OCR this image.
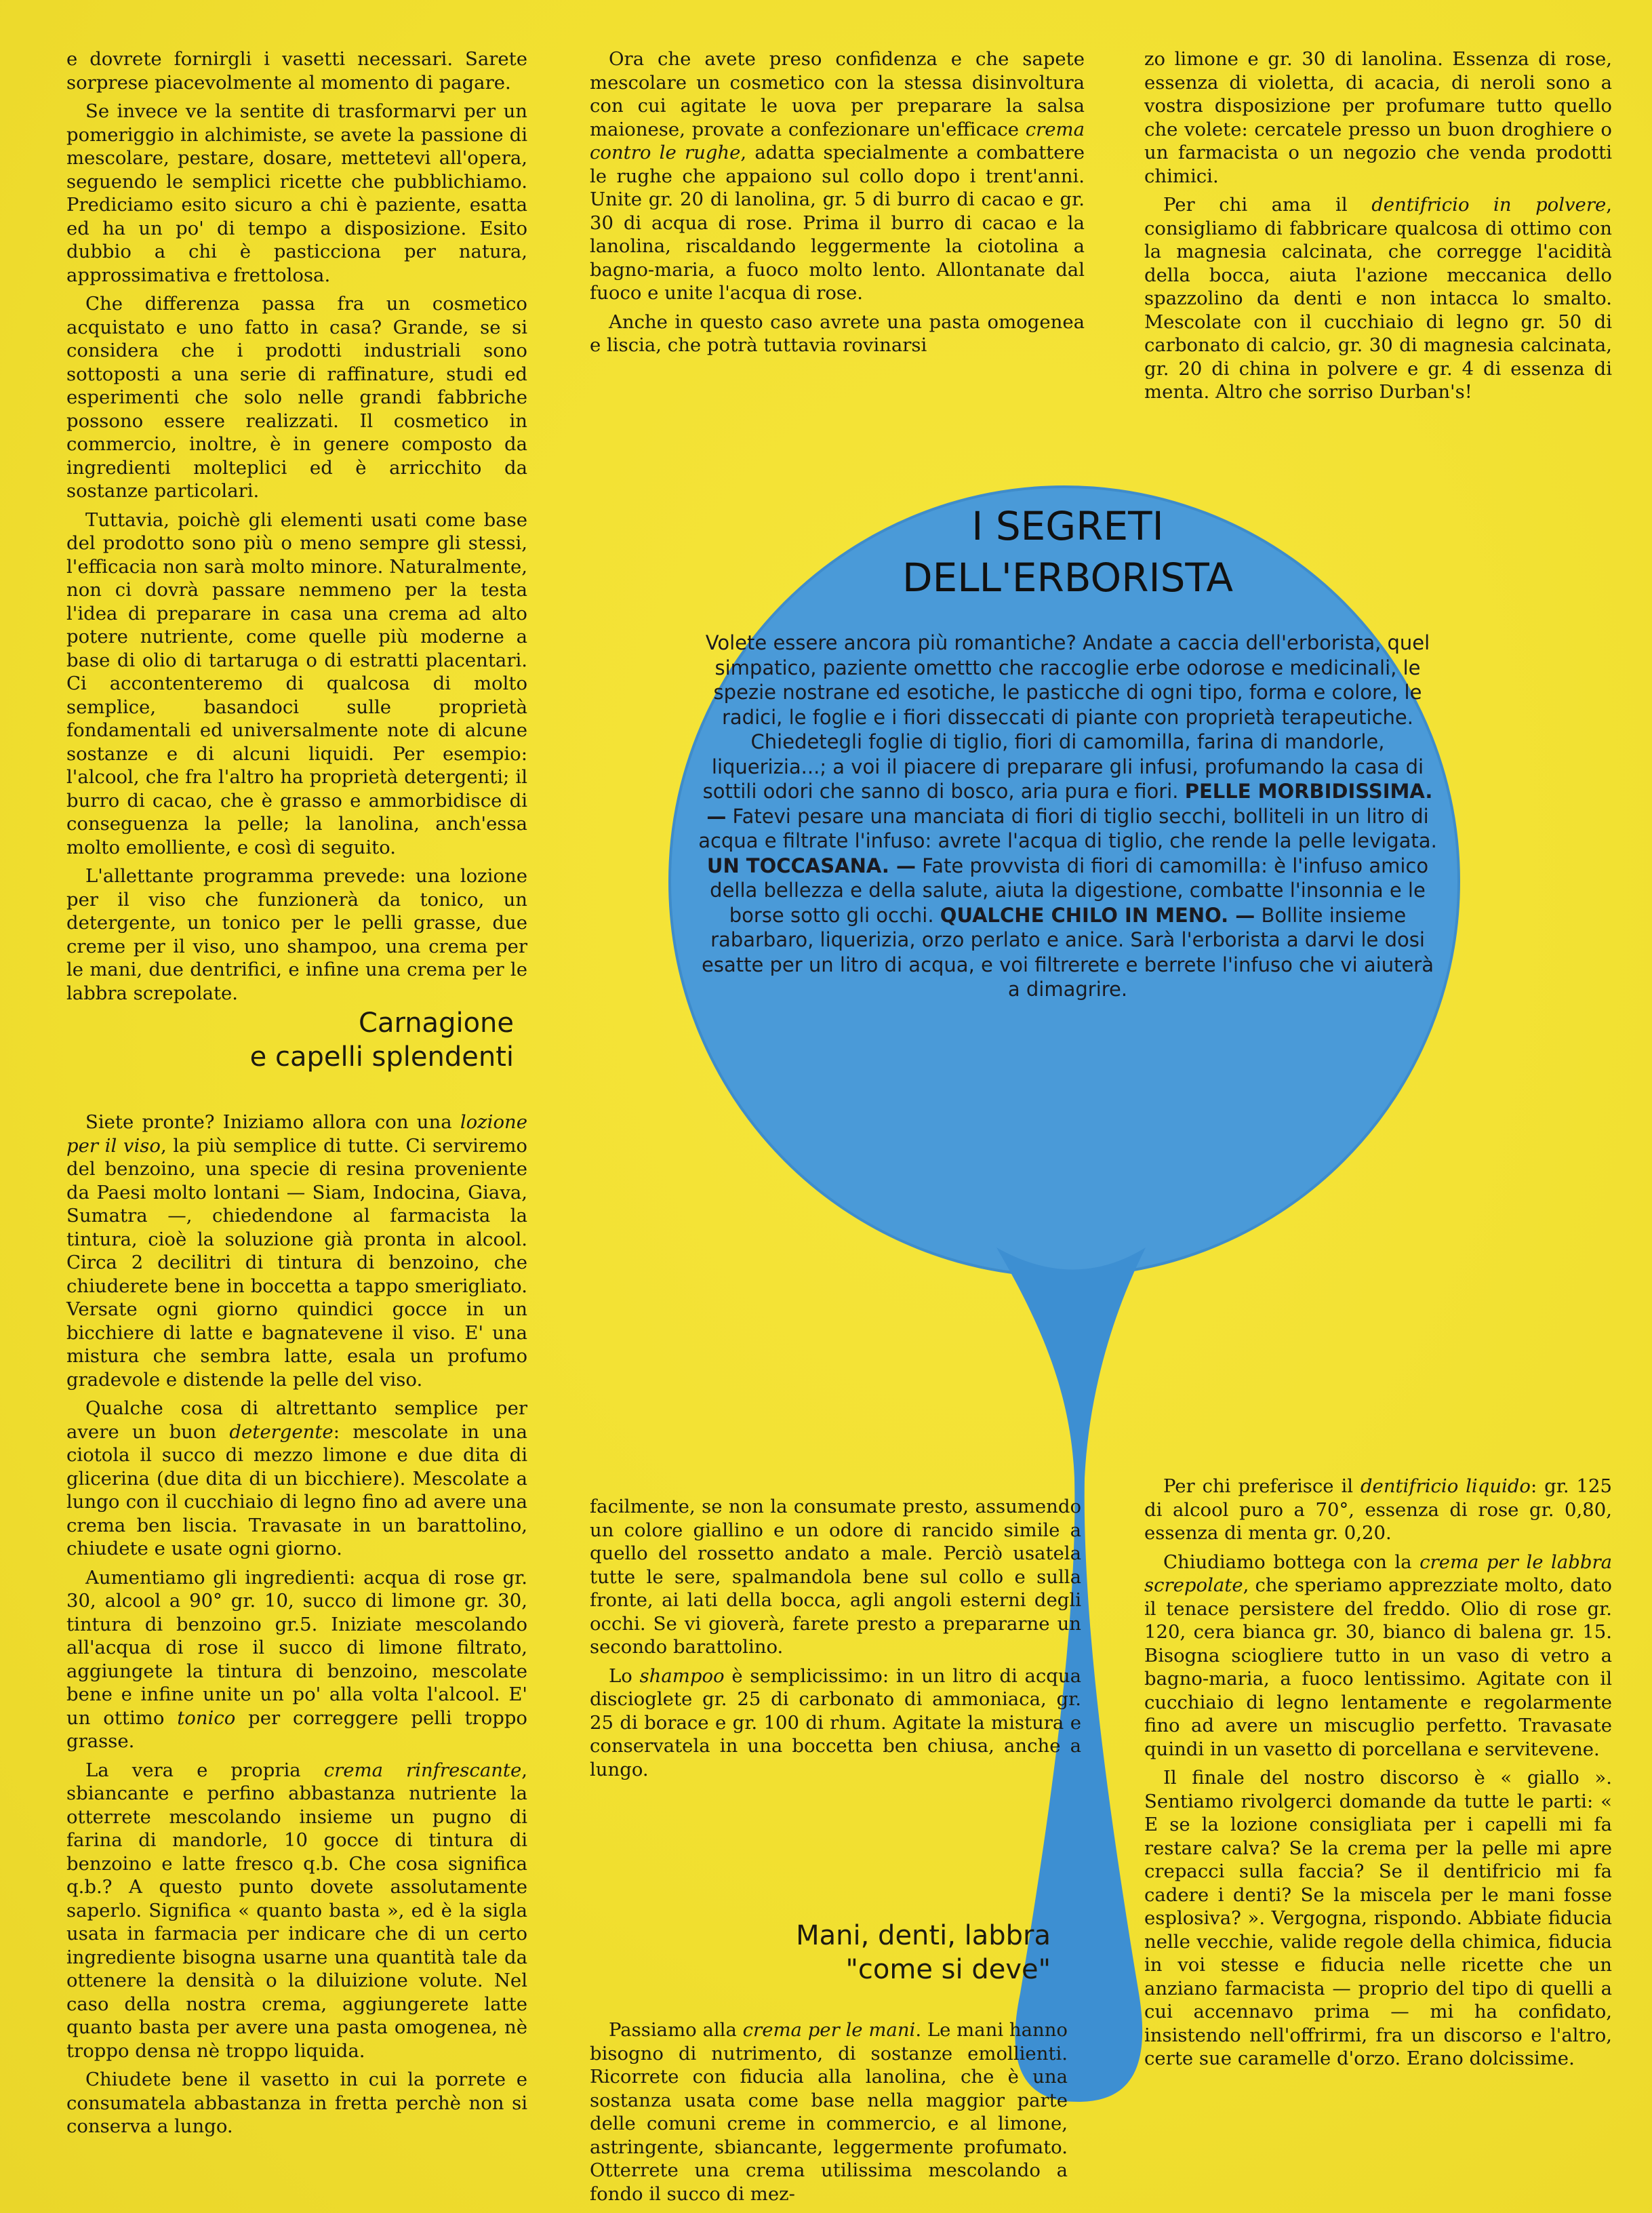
I SEGRETI
DELL'ERBORISTA
Volete essere ancora più romantiche? Andate a caccia dell'erborista, quel simpatico, paziente omettto che raccoglie erbe odorose e medicinali, le spezie nostrane ed esotiche, le pasticche di ogni tipo, forma e colore, le radici, le foglie e i fiori disseccati di piante con proprietà terapeutiche. Chiedetegli foglie di tiglio, fiori di camomilla, farina di mandorle, liquerizia...; a voi il piacere di preparare gli infusi, profumando la casa di sottili odori che sanno di bosco, aria pura e fiori. PELLE MORBIDISSIMA. — Fatevi pesare una manciata di fiori di tiglio secchi, bolliteli in un litro di acqua e filtrate l'infuso: avrete l'acqua di tiglio, che rende la pelle levigata. UN TOCCASANA. — Fate provvista di fiori di camomilla: è l'infuso amico della bellezza e della salute, aiuta la digestione, combatte l'insonnia e le borse sotto gli occhi. QUALCHE CHILO IN MENO. — Bollite insieme rabarbaro, liquerizia, orzo perlato e anice. Sarà l'erborista a darvi le dosi esatte per un litro di acqua, e voi filtrerete e berrete l'infuso che vi aiuterà a dimagrire.

e dovrete fornirgli i vasetti necessari. Sarete sorprese piacevolmente al momento di pagare.

Se invece ve la sentite di trasformarvi per un pomeriggio in alchimiste, se avete la passione di mescolare, pestare, dosare, mettetevi all'opera, seguendo le semplici ricette che pubblichiamo. Prediciamo esito sicuro a chi è paziente, esatta ed ha un po' di tempo a disposizione. Esito dubbio a chi è pasticciona per natura, approssimativa e frettolosa.

Che differenza passa fra un cosmetico acquistato e uno fatto in casa? Grande, se si considera che i prodotti industriali sono sottoposti a una serie di raffinature, studi ed esperimenti che solo nelle grandi fabbriche possono essere realizzati. Il cosmetico in commercio, inoltre, è in genere composto da ingredienti molteplici ed è arricchito da sostanze particolari.

Tuttavia, poichè gli elementi usati come base del prodotto sono più o meno sempre gli stessi, l'efficacia non sarà molto minore. Naturalmente, non ci dovrà passare nemmeno per la testa l'idea di preparare in casa una crema ad alto potere nutriente, come quelle più moderne a base di olio di tartaruga o di estratti placentari. Ci accontenteremo di qualcosa di molto semplice, basandoci sulle proprietà fondamentali ed universalmente note di alcune sostanze e di alcuni liquidi. Per esempio: l'alcool, che fra l'altro ha proprietà detergenti; il burro di cacao, che è grasso e ammorbidisce di conseguenza la pelle; la lanolina, anch'essa molto emolliente, e così di seguito.

L'allettante programma prevede: una lozione per il viso che funzionerà da tonico, un detergente, un tonico per le pelli grasse, due creme per il viso, uno shampoo, una crema per le mani, due dentrifici, e infine una crema per le labbra screpolate.

Carnagione
e capelli splendenti

Siete pronte? Iniziamo allora con una lozione per il viso, la più semplice di tutte. Ci serviremo del benzoino, una specie di resina proveniente da Paesi molto lontani — Siam, Indocina, Giava, Sumatra —, chiedendone al farmacista la tintura, cioè la soluzione già pronta in alcool. Circa 2 decilitri di tintura di benzoino, che chiuderete bene in boccetta a tappo smerigliato. Versate ogni giorno quindici gocce in un bicchiere di latte e bagnatevene il viso. E' una mistura che sembra latte, esala un profumo gradevole e distende la pelle del viso.

Qualche cosa di altrettanto semplice per avere un buon detergente: mescolate in una ciotola il succo di mezzo limone e due dita di glicerina (due dita di un bicchiere). Mescolate a lungo con il cucchiaio di legno fino ad avere una crema ben liscia. Travasate in un barattolino, chiudete e usate ogni giorno.

Aumentiamo gli ingredienti: acqua di rose gr. 30, alcool a 90° gr. 10, succo di limone gr. 30, tintura di benzoino gr.5. Iniziate mescolando all'acqua di rose il succo di limone filtrato, aggiungete la tintura di benzoino, mescolate bene e infine unite un po' alla volta l'alcool. E' un ottimo tonico per correggere pelli troppo grasse.

La vera e propria crema rinfrescante, sbiancante e perfino abbastanza nutriente la otterrete mescolando insieme un pugno di farina di mandorle, 10 gocce di tintura di benzoino e latte fresco q.b. Che cosa significa q.b.? A questo punto dovete assolutamente saperlo. Significa « quanto basta », ed è la sigla usata in farmacia per indicare che di un certo ingrediente bisogna usarne una quantità tale da ottenere la densità o la diluizione volute. Nel caso della nostra crema, aggiungerete latte quanto basta per avere una pasta omogenea, nè troppo densa nè troppo liquida.

Chiudete bene il vasetto in cui la porrete e consumatela abbastanza in fretta perchè non si conserva a lungo.

Ora che avete preso confidenza e che sapete mescolare un cosmetico con la stessa disinvoltura con cui agitate le uova per preparare la salsa maionese, provate a confezionare un'efficace crema contro le rughe, adatta specialmente a combattere le rughe che appaiono sul collo dopo i trent'anni. Unite gr. 20 di lanolina, gr. 5 di burro di cacao e gr. 30 di acqua di rose. Prima il burro di cacao e la lanolina, riscaldando leggermente la ciotolina a bagno-maria, a fuoco molto lento. Allontanate dal fuoco e unite l'acqua di rose.

Anche in questo caso avrete una pasta omogenea e liscia, che potrà tuttavia rovinarsi

facilmente, se non la consumate presto, assumendo un colore giallino e un odore di rancido simile a quello del rossetto andato a male. Perciò usatela tutte le sere, spalmandola bene sul collo e sulla fronte, ai lati della bocca, agli angoli esterni degli occhi. Se vi gioverà, farete presto a prepararne un secondo barattolino.

Lo shampoo è semplicissimo: in un litro di acqua discioglete gr. 25 di carbonato di ammoniaca, gr. 25 di borace e gr. 100 di rhum. Agitate la mistura e conservatela in una boccetta ben chiusa, anche a lungo.

Mani, denti, labbra
"come si deve"

Passiamo alla crema per le mani. Le mani hanno bisogno di nutrimento, di sostanze emollienti. Ricorrete con fiducia alla lanolina, che è una sostanza usata come base nella maggior parte delle comuni creme in commercio, e al limone, astringente, sbiancante, leggermente profumato. Otterrete una crema utilissima mescolando a fondo il succo di mez-

zo limone e gr. 30 di lanolina. Essenza di rose, essenza di violetta, di acacia, di neroli sono a vostra disposizione per profumare tutto quello che volete: cercatele presso un buon droghiere o un farmacista o un negozio che venda prodotti chimici.

Per chi ama il dentifricio in polvere, consigliamo di fabbricare qualcosa di ottimo con la magnesia calcinata, che corregge l'acidità della bocca, aiuta l'azione meccanica dello spazzolino da denti e non intacca lo smalto. Mescolate con il cucchiaio di legno gr. 50 di carbonato di calcio, gr. 30 di magnesia calcinata, gr. 20 di china in polvere e gr. 4 di essenza di menta. Altro che sorriso Durban's!

Per chi preferisce il dentifricio liquido: gr. 125 di alcool puro a 70°, essenza di rose gr. 0,80, essenza di menta gr. 0,20.

Chiudiamo bottega con la crema per le labbra screpolate, che speriamo apprezziate molto, dato il tenace persistere del freddo. Olio di rose gr. 120, cera bianca gr. 30, bianco di balena gr. 15. Bisogna sciogliere tutto in un vaso di vetro a bagno-maria, a fuoco lentissimo. Agitate con il cucchiaio di legno lentamente e regolarmente fino ad avere un miscuglio perfetto. Travasate quindi in un vasetto di porcellana e servitevene.

Il finale del nostro discorso è « giallo ». Sentiamo rivolgerci domande da tutte le parti: « E se la lozione consigliata per i capelli mi fa restare calva? Se la crema per la pelle mi apre crepacci sulla faccia? Se il dentifricio mi fa cadere i denti? Se la miscela per le mani fosse esplosiva? ». Vergogna, rispondo. Abbiate fiducia nelle vecchie, valide regole della chimica, fiducia in voi stesse e fiducia nelle ricette che un anziano farmacista — proprio del tipo di quelli a cui accennavo prima — mi ha confidato, insistendo nell'offrirmi, fra un discorso e l'altro, certe sue caramelle d'orzo. Erano dolcissime.
